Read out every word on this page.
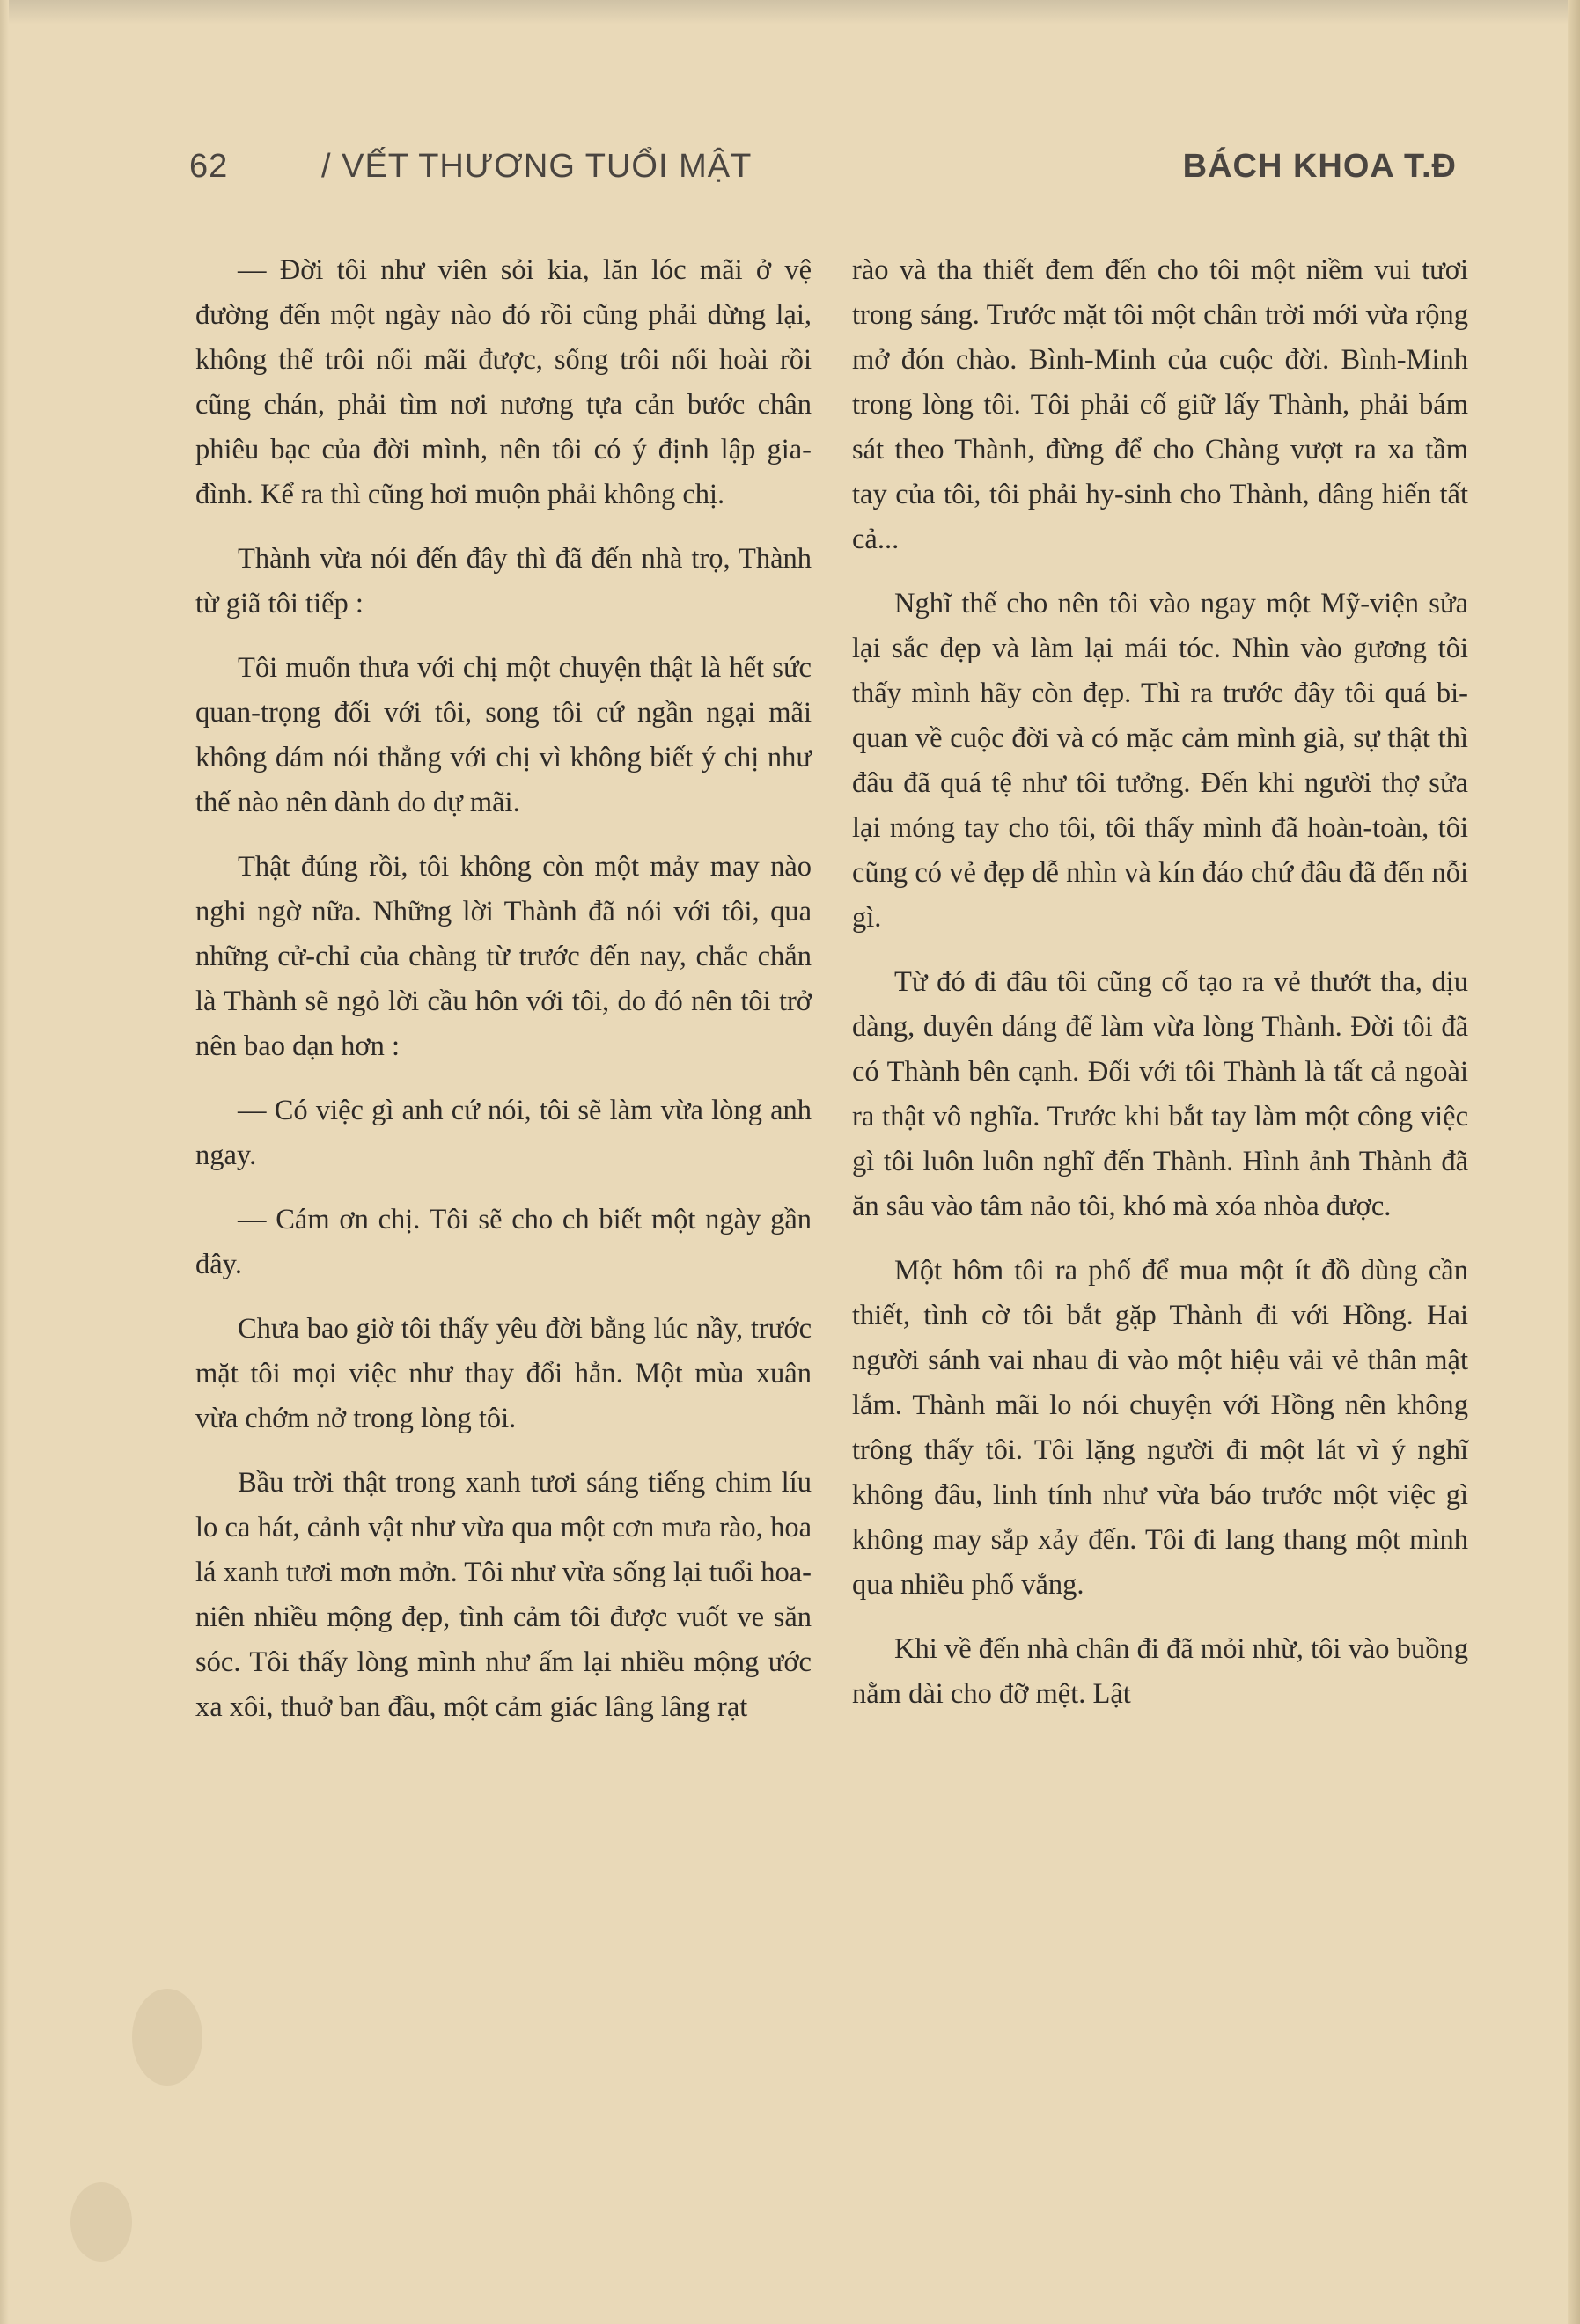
62	/ VẾT THƯƠNG TUỔI MẬT	BÁCH KHOA T.Đ

— Đời tôi như viên sỏi kia, lăn lóc mãi ở vệ đường đến một ngày nào đó rồi cũng phải dừng lại, không thể trôi nổi mãi được, sống trôi nổi hoài rồi cũng chán, phải tìm nơi nương tựa cản bước chân phiêu bạc của đời mình, nên tôi có ý định lập gia-đình. Kể ra thì cũng hơi muộn phải không chị.

Thành vừa nói đến đây thì đã đến nhà trọ, Thành từ giã tôi tiếp :

Tôi muốn thưa với chị một chuyện thật là hết sức quan-trọng đối với tôi, song tôi cứ ngần ngại mãi không dám nói thẳng với chị vì không biết ý chị như thế nào nên dành do dự mãi.

Thật đúng rồi, tôi không còn một mảy may nào nghi ngờ nữa. Những lời Thành đã nói với tôi, qua những cử-chỉ của chàng từ trước đến nay, chắc chắn là Thành sẽ ngỏ lời cầu hôn với tôi, do đó nên tôi trở nên bao dạn hơn :

— Có việc gì anh cứ nói, tôi sẽ làm vừa lòng anh ngay.

— Cám ơn chị. Tôi sẽ cho ch biết một ngày gần đây.

Chưa bao giờ tôi thấy yêu đời bằng lúc nầy, trước mặt tôi mọi việc như thay đổi hẳn. Một mùa xuân vừa chớm nở trong lòng tôi.

Bầu trời thật trong xanh tươi sáng tiếng chim líu lo ca hát, cảnh vật như vừa qua một cơn mưa rào, hoa lá xanh tươi mơn mởn. Tôi như vừa sống lại tuổi hoa-niên nhiều mộng đẹp, tình cảm tôi được vuốt ve săn sóc. Tôi thấy lòng mình như ấm lại nhiều mộng ước xa xôi, thuở ban đầu, một cảm giác lâng lâng rạt

rào và tha thiết đem đến cho tôi một niềm vui tươi trong sáng. Trước mặt tôi một chân trời mới vừa rộng mở đón chào. Bình-Minh của cuộc đời. Bình-Minh trong lòng tôi. Tôi phải cố giữ lấy Thành, phải bám sát theo Thành, đừng để cho Chàng vượt ra xa tầm tay của tôi, tôi phải hy-sinh cho Thành, dâng hiến tất cả...

Nghĩ thế cho nên tôi vào ngay một Mỹ-viện sửa lại sắc đẹp và làm lại mái tóc. Nhìn vào gương tôi thấy mình hãy còn đẹp. Thì ra trước đây tôi quá bi-quan về cuộc đời và có mặc cảm mình già, sự thật thì đâu đã quá tệ như tôi tưởng. Đến khi người thợ sửa lại móng tay cho tôi, tôi thấy mình đã hoàn-toàn, tôi cũng có vẻ đẹp dễ nhìn và kín đáo chứ đâu đã đến nỗi gì.

Từ đó đi đâu tôi cũng cố tạo ra vẻ thướt tha, dịu dàng, duyên dáng để làm vừa lòng Thành. Đời tôi đã có Thành bên cạnh. Đối với tôi Thành là tất cả ngoài ra thật vô nghĩa. Trước khi bắt tay làm một công việc gì tôi luôn luôn nghĩ đến Thành. Hình ảnh Thành đã ăn sâu vào tâm nảo tôi, khó mà xóa nhòa được.

Một hôm tôi ra phố để mua một ít đồ dùng cần thiết, tình cờ tôi bắt gặp Thành đi với Hồng. Hai người sánh vai nhau đi vào một hiệu vải vẻ thân mật lắm. Thành mãi lo nói chuyện với Hồng nên không trông thấy tôi. Tôi lặng người đi một lát vì ý nghĩ không đâu, linh tính như vừa báo trước một việc gì không may sắp xảy đến. Tôi đi lang thang một mình qua nhiều phố vắng.

Khi về đến nhà chân đi đã mỏi nhừ, tôi vào buồng nằm dài cho đỡ mệt. Lật
